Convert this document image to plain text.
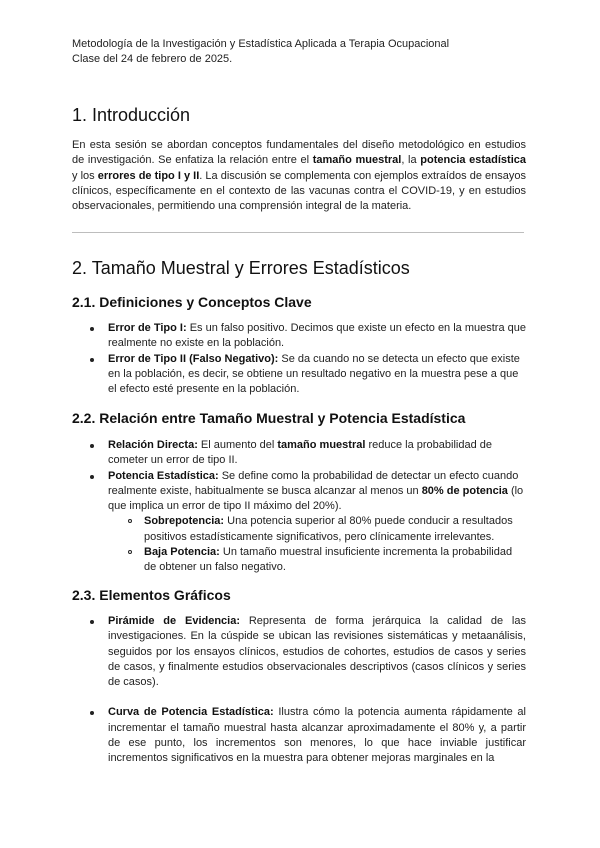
Metodología de la Investigación y Estadística Aplicada a Terapia Ocupacional
Clase del 24 de febrero de 2025.
1. Introducción
En esta sesión se abordan conceptos fundamentales del diseño metodológico en estudios de investigación. Se enfatiza la relación entre el tamaño muestral, la potencia estadística y los errores de tipo I y II. La discusión se complementa con ejemplos extraídos de ensayos clínicos, específicamente en el contexto de las vacunas contra el COVID-19, y en estudios observacionales, permitiendo una comprensión integral de la materia.
2. Tamaño Muestral y Errores Estadísticos
2.1. Definiciones y Conceptos Clave
Error de Tipo I: Es un falso positivo. Decimos que existe un efecto en la muestra que realmente no existe en la población.
Error de Tipo II (Falso Negativo): Se da cuando no se detecta un efecto que existe en la población, es decir, se obtiene un resultado negativo en la muestra pese a que el efecto esté presente en la población.
2.2. Relación entre Tamaño Muestral y Potencia Estadística
Relación Directa: El aumento del tamaño muestral reduce la probabilidad de cometer un error de tipo II.
Potencia Estadística: Se define como la probabilidad de detectar un efecto cuando realmente existe, habitualmente se busca alcanzar al menos un 80% de potencia (lo que implica un error de tipo II máximo del 20%).
Sobrepotencia: Una potencia superior al 80% puede conducir a resultados positivos estadísticamente significativos, pero clínicamente irrelevantes.
Baja Potencia: Un tamaño muestral insuficiente incrementa la probabilidad de obtener un falso negativo.
2.3. Elementos Gráficos
Pirámide de Evidencia: Representa de forma jerárquica la calidad de las investigaciones. En la cúspide se ubican las revisiones sistemáticas y metaanálisis, seguidos por los ensayos clínicos, estudios de cohortes, estudios de casos y series de casos, y finalmente estudios observacionales descriptivos (casos clínicos y series de casos).
Curva de Potencia Estadística: Ilustra cómo la potencia aumenta rápidamente al incrementar el tamaño muestral hasta alcanzar aproximadamente el 80% y, a partir de ese punto, los incrementos son menores, lo que hace inviable justificar incrementos significativos en la muestra para obtener mejoras marginales en la
